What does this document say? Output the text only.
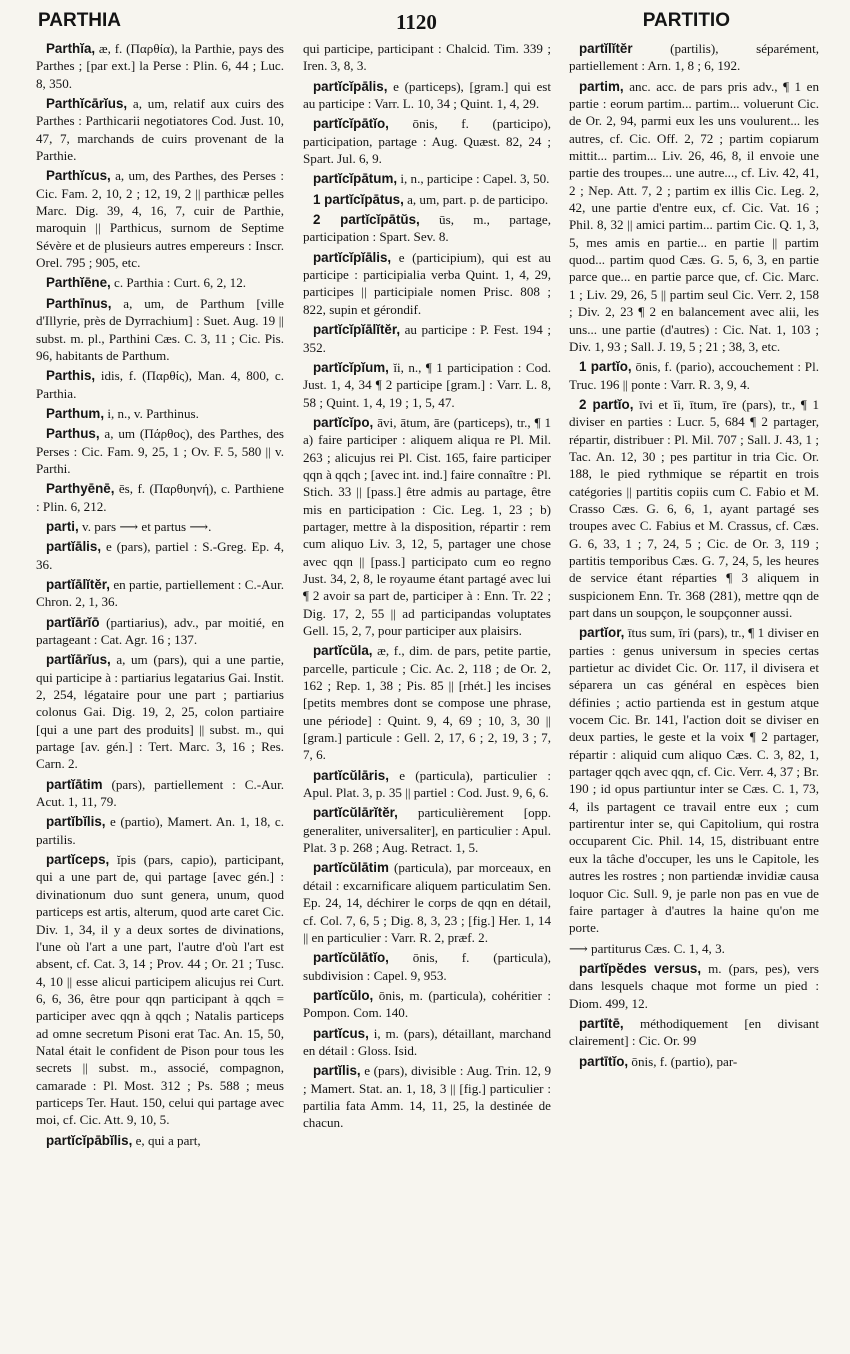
PARTHIA	1120	PARTITIO

Parthĭa, æ, f. (Παρθία), la Parthie, pays des Parthes ; [par ext.] la Perse : Plin. 6, 44 ; Luc. 8, 350.

Parthĭcārĭus, a, um, relatif aux cuirs des Parthes : Parthicarii negotiatores Cod. Just. 10, 47, 7, marchands de cuirs provenant de la Parthie.

Parthĭcus, a, um, des Parthes, des Perses : Cic. Fam. 2, 10, 2 ; 12, 19, 2 || parthicæ pelles Marc. Dig. 39, 4, 16, 7, cuir de Parthie, maroquin || Parthicus, surnom de Septime Sévère et de plusieurs autres empereurs : Inscr. Orel. 795 ; 905, etc.

Parthĭēne, c. Parthia : Curt. 6, 2, 12.

Parthīnus, a, um, de Parthum [ville d'Illyrie, près de Dyrrachium] : Suet. Aug. 19 || subst. m. pl., Parthini Cæs. C. 3, 11 ; Cic. Pis. 96, habitants de Parthum.

Parthis, idis, f. (Παρθίς), Man. 4, 800, c. Parthia.

Parthum, i, n., v. Parthinus.

Parthus, a, um (Πάρθος), des Parthes, des Perses : Cic. Fam. 9, 25, 1 ; Ov. F. 5, 580 || v. Parthi.

Parthyēnē, ēs, f. (Παρθυηνή), c. Parthiene : Plin. 6, 212.

parti, v. pars ⟶ et partus ⟶.

partĭālis, e (pars), partiel : S.-Greg. Ep. 4, 36.

partĭālĭtĕr, en partie, partiellement : C.-Aur. Chron. 2, 1, 36.

partĭārĭō (partiarius), adv., par moitié, en partageant : Cat. Agr. 16 ; 137.

partĭārĭus, a, um (pars), qui a une partie, qui participe à : partiarius legatarius Gai. Instit. 2, 254, légataire pour une part ; partiarius colonus Gai. Dig. 19, 2, 25, colon partiaire [qui a une part des produits] || subst. m., qui partage [av. gén.] : Tert. Marc. 3, 16 ; Res. Carn. 2.

partĭātim (pars), partiellement : C.-Aur. Acut. 1, 11, 79.

partĭbĭlis, e (partio), Mamert. An. 1, 18, c. partilis.

partĭceps, ĭpis (pars, capio), participant, qui a une part de, qui partage [avec gén.] : divinationum duo sunt genera, unum, quod particeps est artis, alterum, quod arte caret Cic. Div. 1, 34, il y a deux sortes de divinations, l'une où l'art a une part, l'autre d'où l'art est absent, cf. Cat. 3, 14 ; Prov. 44 ; Or. 21 ; Tusc. 4, 10 || esse alicui participem alicujus rei Curt. 6, 6, 36, être pour qqn participant à qqch = participer avec qqn à qqch ; Natalis particeps ad omne secretum Pisoni erat Tac. An. 15, 50, Natal était le confident de Pison pour tous les secrets || subst. m., associé, compagnon, camarade : Pl. Most. 312 ; Ps. 588 ; meus particeps Ter. Haut. 150, celui qui partage avec moi, cf. Cic. Att. 9, 10, 5.

partĭcĭpābĭlis, e, qui a part,

qui participe, participant : Chalcid. Tim. 339 ; Iren. 3, 8, 3.

partĭcĭpālis, e (particeps), [gram.] qui est au participe : Varr. L. 10, 34 ; Quint. 1, 4, 29.

partĭcĭpātĭo, ōnis, f. (participo), participation, partage : Aug. Quæst. 82, 24 ; Spart. Jul. 6, 9.

partĭcĭpātum, i, n., participe : Capel. 3, 50.

1 partĭcĭpātus, a, um, part. p. de participo.

2 partĭcĭpātŭs, ūs, m., partage, participation : Spart. Sev. 8.

partĭcĭpĭālis, e (participium), qui est au participe : participialia verba Quint. 1, 4, 29, participes || participiale nomen Prisc. 808 ; 822, supin et gérondif.

partĭcĭpĭālĭtĕr, au participe : P. Fest. 194 ; 352.

partĭcĭpĭum, ĭi, n., ¶ 1 participation : Cod. Just. 1, 4, 34 ¶ 2 participe [gram.] : Varr. L. 8, 58 ; Quint. 1, 4, 19 ; 1, 5, 47.

partĭcĭpo, āvi, ātum, āre (particeps), tr., ¶ 1 a) faire participer : aliquem aliqua re Pl. Mil. 263 ; alicujus rei Pl. Cist. 165, faire participer qqn à qqch ; [avec int. ind.] faire connaître : Pl. Stich. 33 || [pass.] être admis au partage, être mis en participation : Cic. Leg. 1, 23 ; b) partager, mettre à la disposition, répartir : rem cum aliquo Liv. 3, 12, 5, partager une chose avec qqn || [pass.] participato cum eo regno Just. 34, 2, 8, le royaume étant partagé avec lui ¶ 2 avoir sa part de, participer à : Enn. Tr. 22 ; Dig. 17, 2, 55 || ad participandas voluptates Gell. 15, 2, 7, pour participer aux plaisirs.

partĭcŭla, æ, f., dim. de pars, petite partie, parcelle, particule ; Cic. Ac. 2, 118 ; de Or. 2, 162 ; Rep. 1, 38 ; Pis. 85 || [rhét.] les incises [petits membres dont se compose une phrase, une période] : Quint. 9, 4, 69 ; 10, 3, 30 || [gram.] particule : Gell. 2, 17, 6 ; 2, 19, 3 ; 7, 7, 6.

partĭcŭlāris, e (particula), particulier : Apul. Plat. 3, p. 35 || partiel : Cod. Just. 9, 6, 6.

partĭcŭlārĭtĕr, particulièrement [opp. generaliter, universaliter], en particulier : Apul. Plat. 3 p. 268 ; Aug. Retract. 1, 5.

partĭcŭlātim (particula), par morceaux, en détail : excarnificare aliquem particulatim Sen. Ep. 24, 14, déchirer le corps de qqn en détail, cf. Col. 7, 6, 5 ; Dig. 8, 3, 23 ; [fig.] Her. 1, 14 || en particulier : Varr. R. 2, præf. 2.

partĭcŭlātĭo, ōnis, f. (particula), subdivision : Capel. 9, 953.

partĭcŭlo, ōnis, m. (particula), cohéritier : Pompon. Com. 140.

partĭcus, i, m. (pars), détaillant, marchand en détail : Gloss. Isid.

partĭlis, e (pars), divisible : Aug. Trin. 12, 9 ; Mamert. Stat. an. 1, 18, 3 || [fig.] particulier : partilia fata Amm. 14, 11, 25, la destinée de chacun.

partĭlĭtĕr	(partilis), séparément, partiellement : Arn. 1, 8 ; 6, 192.

partim, anc. acc. de pars pris adv., ¶ 1 en partie : eorum partim... partim... voluerunt Cic. de Or. 2, 94, parmi eux les uns voulurent... les autres, cf. Cic. Off. 2, 72 ; partim copiarum mittit... partim... Liv. 26, 46, 8, il envoie une partie des troupes... une autre..., cf. Liv. 42, 41, 2 ; Nep. Att. 7, 2 ; partim ex illis Cic. Leg. 2, 42, une partie d'entre eux, cf. Cic. Vat. 16 ; Phil. 8, 32 || amici partim... partim Cic. Q. 1, 3, 5, mes amis en partie... en partie || partim quod... partim quod Cæs. G. 5, 6, 3, en partie parce que... en partie parce que, cf. Cic. Marc. 1 ; Liv. 29, 26, 5 || partim seul Cic. Verr. 2, 158 ; Div. 2, 23 ¶ 2 en balancement avec alii, les uns... une partie (d'autres) : Cic. Nat. 1, 103 ; Div. 1, 93 ; Sall. J. 19, 5 ; 21 ; 38, 3, etc.

1 partĭo, ōnis, f. (pario), accouchement : Pl. Truc. 196 || ponte : Varr. R. 3, 9, 4.

2 partĭo, īvi et ĭi, ītum, īre (pars), tr., ¶ 1 diviser en parties : Lucr. 5, 684 ¶ 2 partager, répartir, distribuer : Pl. Mil. 707 ; Sall. J. 43, 1 ; Tac. An. 12, 30 ; pes partitur in tria Cic. Or. 188, le pied rythmique se répartit en trois catégories || partitis copiis cum C. Fabio et M. Crasso Cæs. G. 6, 6, 1, ayant partagé ses troupes avec C. Fabius et M. Crassus, cf. Cæs. G. 6, 33, 1 ; 7, 24, 5 ; Cic. de Or. 3, 119 ; partitis temporibus Cæs. G. 7, 24, 5, les heures de service étant réparties ¶ 3 aliquem in suspicionem Enn. Tr. 368 (281), mettre qqn de part dans un soupçon, le soupçonner aussi.

partĭor, ītus sum, īri (pars), tr., ¶ 1 diviser en parties : genus universum in species certas partietur ac dividet Cic. Or. 117, il divisera et séparera un cas général en espèces bien définies ; actio partienda est in gestum atque vocem Cic. Br. 141, l'action doit se diviser en deux parties, le geste et la voix ¶ 2 partager, répartir : aliquid cum aliquo Cæs. C. 3, 82, 1, partager qqch avec qqn, cf. Cic. Verr. 4, 37 ; Br. 190 ; id opus partiuntur inter se Cæs. C. 1, 73, 4, ils partagent ce travail entre eux ; cum partirentur inter se, qui Capitolium, qui rostra occuparent Cic. Phil. 14, 15, distribuant entre eux la tâche d'occuper, les uns le Capitole, les autres les rostres ; non partiendæ invidiæ causa loquor Cic. Sull. 9, je parle non pas en vue de faire partager à d'autres la haine qu'on me porte.

⟶ partiturus Cæs. C. 1, 4, 3.

partĭpĕdes versus, m. (pars, pes), vers dans lesquels chaque mot forme un pied : Diom. 499, 12.

partītē, méthodiquement [en divisant clairement] : Cic. Or. 99

partītĭo, ōnis, f. (partio), par-
